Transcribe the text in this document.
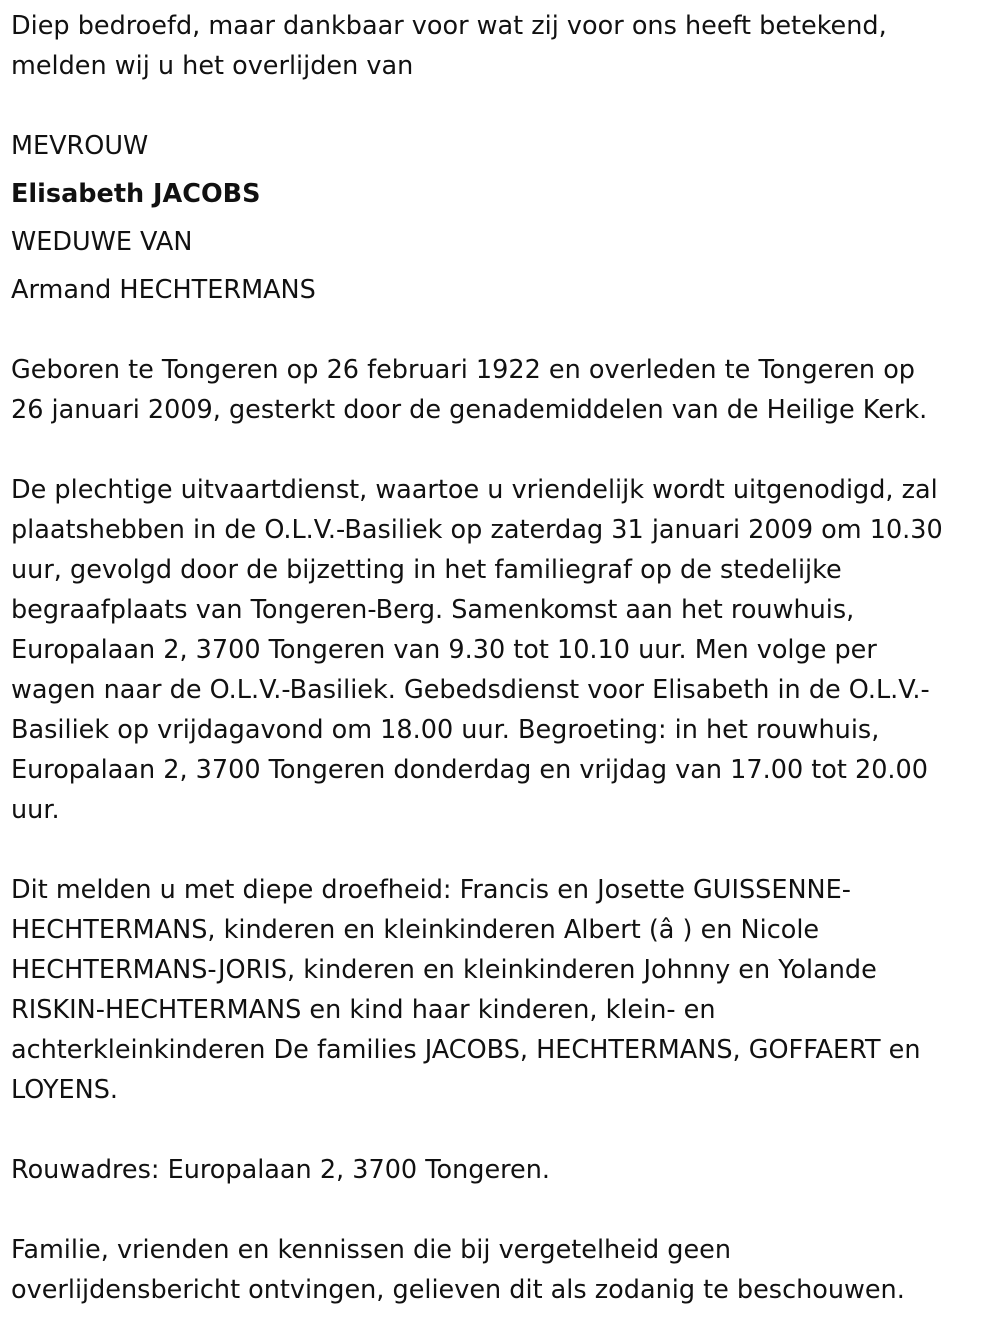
Diep bedroefd, maar dankbaar voor wat zij voor ons heeft betekend,
melden wij u het overlijden van

MEVROUW

Elisabeth JACOBS

WEDUWE VAN

Armand HECHTERMANS

Geboren te Tongeren op 26 februari 1922 en overleden te Tongeren op
26 januari 2009, gesterkt door de genademiddelen van de Heilige Kerk.

De plechtige uitvaartdienst, waartoe u vriendelijk wordt uitgenodigd, zal
plaatshebben in de O.L.V.-Basiliek op zaterdag 31 januari 2009 om 10.30
uur, gevolgd door de bijzetting in het familiegraf op de stedelijke
begraafplaats van Tongeren-Berg. Samenkomst aan het rouwhuis,
Europalaan 2, 3700 Tongeren van 9.30 tot 10.10 uur. Men volge per
wagen naar de O.L.V.-Basiliek. Gebedsdienst voor Elisabeth in de O.L.V.-
Basiliek op vrijdagavond om 18.00 uur. Begroeting: in het rouwhuis,
Europalaan 2, 3700 Tongeren donderdag en vrijdag van 17.00 tot 20.00
uur.

Dit melden u met diepe droefheid: Francis en Josette GUISSENNE-
HECHTERMANS, kinderen en kleinkinderen Albert (â ) en Nicole
HECHTERMANS-JORIS, kinderen en kleinkinderen Johnny en Yolande
RISKIN-HECHTERMANS en kind haar kinderen, klein- en
achterkleinkinderen De families JACOBS, HECHTERMANS, GOFFAERT en
LOYENS.

Rouwadres: Europalaan 2, 3700 Tongeren.

Familie, vrienden en kennissen die bij vergetelheid geen
overlijdensbericht ontvingen, gelieven dit als zodanig te beschouwen.
